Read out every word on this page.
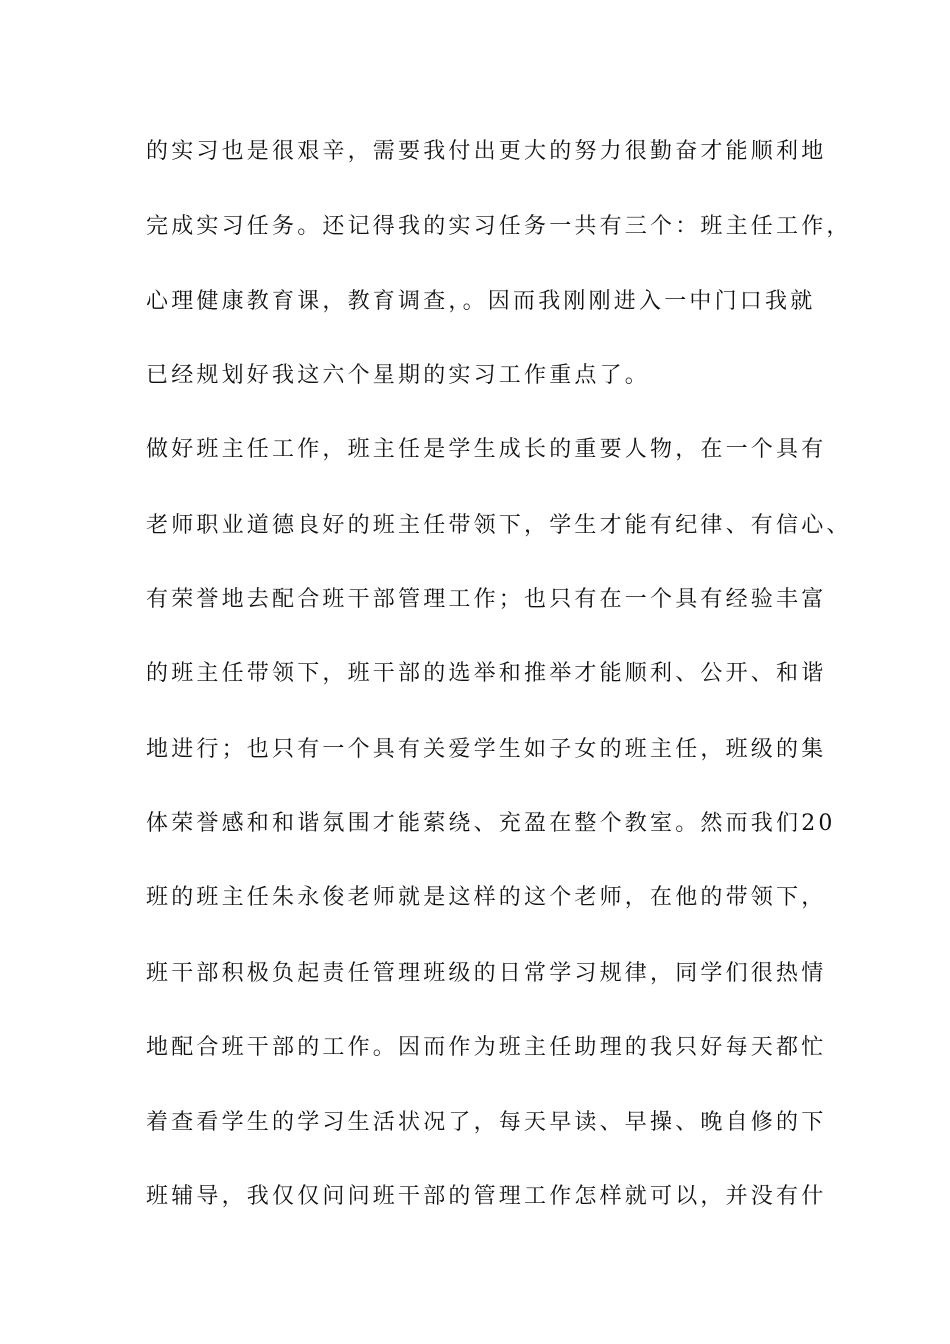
的实习也是很艰辛，需要我付出更大的努力很勤奋才能顺利地
完成实习任务。还记得我的实习任务一共有三个：班主任工作，
心理健康教育课，教育调查，。因而我刚刚进入一中门口我就
已经规划好我这六个星期的实习工作重点了。
做好班主任工作，班主任是学生成长的重要人物，在一个具有
老师职业道德良好的班主任带领下，学生才能有纪律、有信心、
有荣誉地去配合班干部管理工作；也只有在一个具有经验丰富
的班主任带领下，班干部的选举和推举才能顺利、公开、和谐
地进行；也只有一个具有关爱学生如子女的班主任，班级的集
体荣誉感和和谐氛围才能萦绕、充盈在整个教室。然而我们20
班的班主任朱永俊老师就是这样的这个老师，在他的带领下，
班干部积极负起责任管理班级的日常学习规律，同学们很热情
地配合班干部的工作。因而作为班主任助理的我只好每天都忙
着查看学生的学习生活状况了，每天早读、早操、晚自修的下
班辅导，我仅仅问问班干部的管理工作怎样就可以，并没有什
